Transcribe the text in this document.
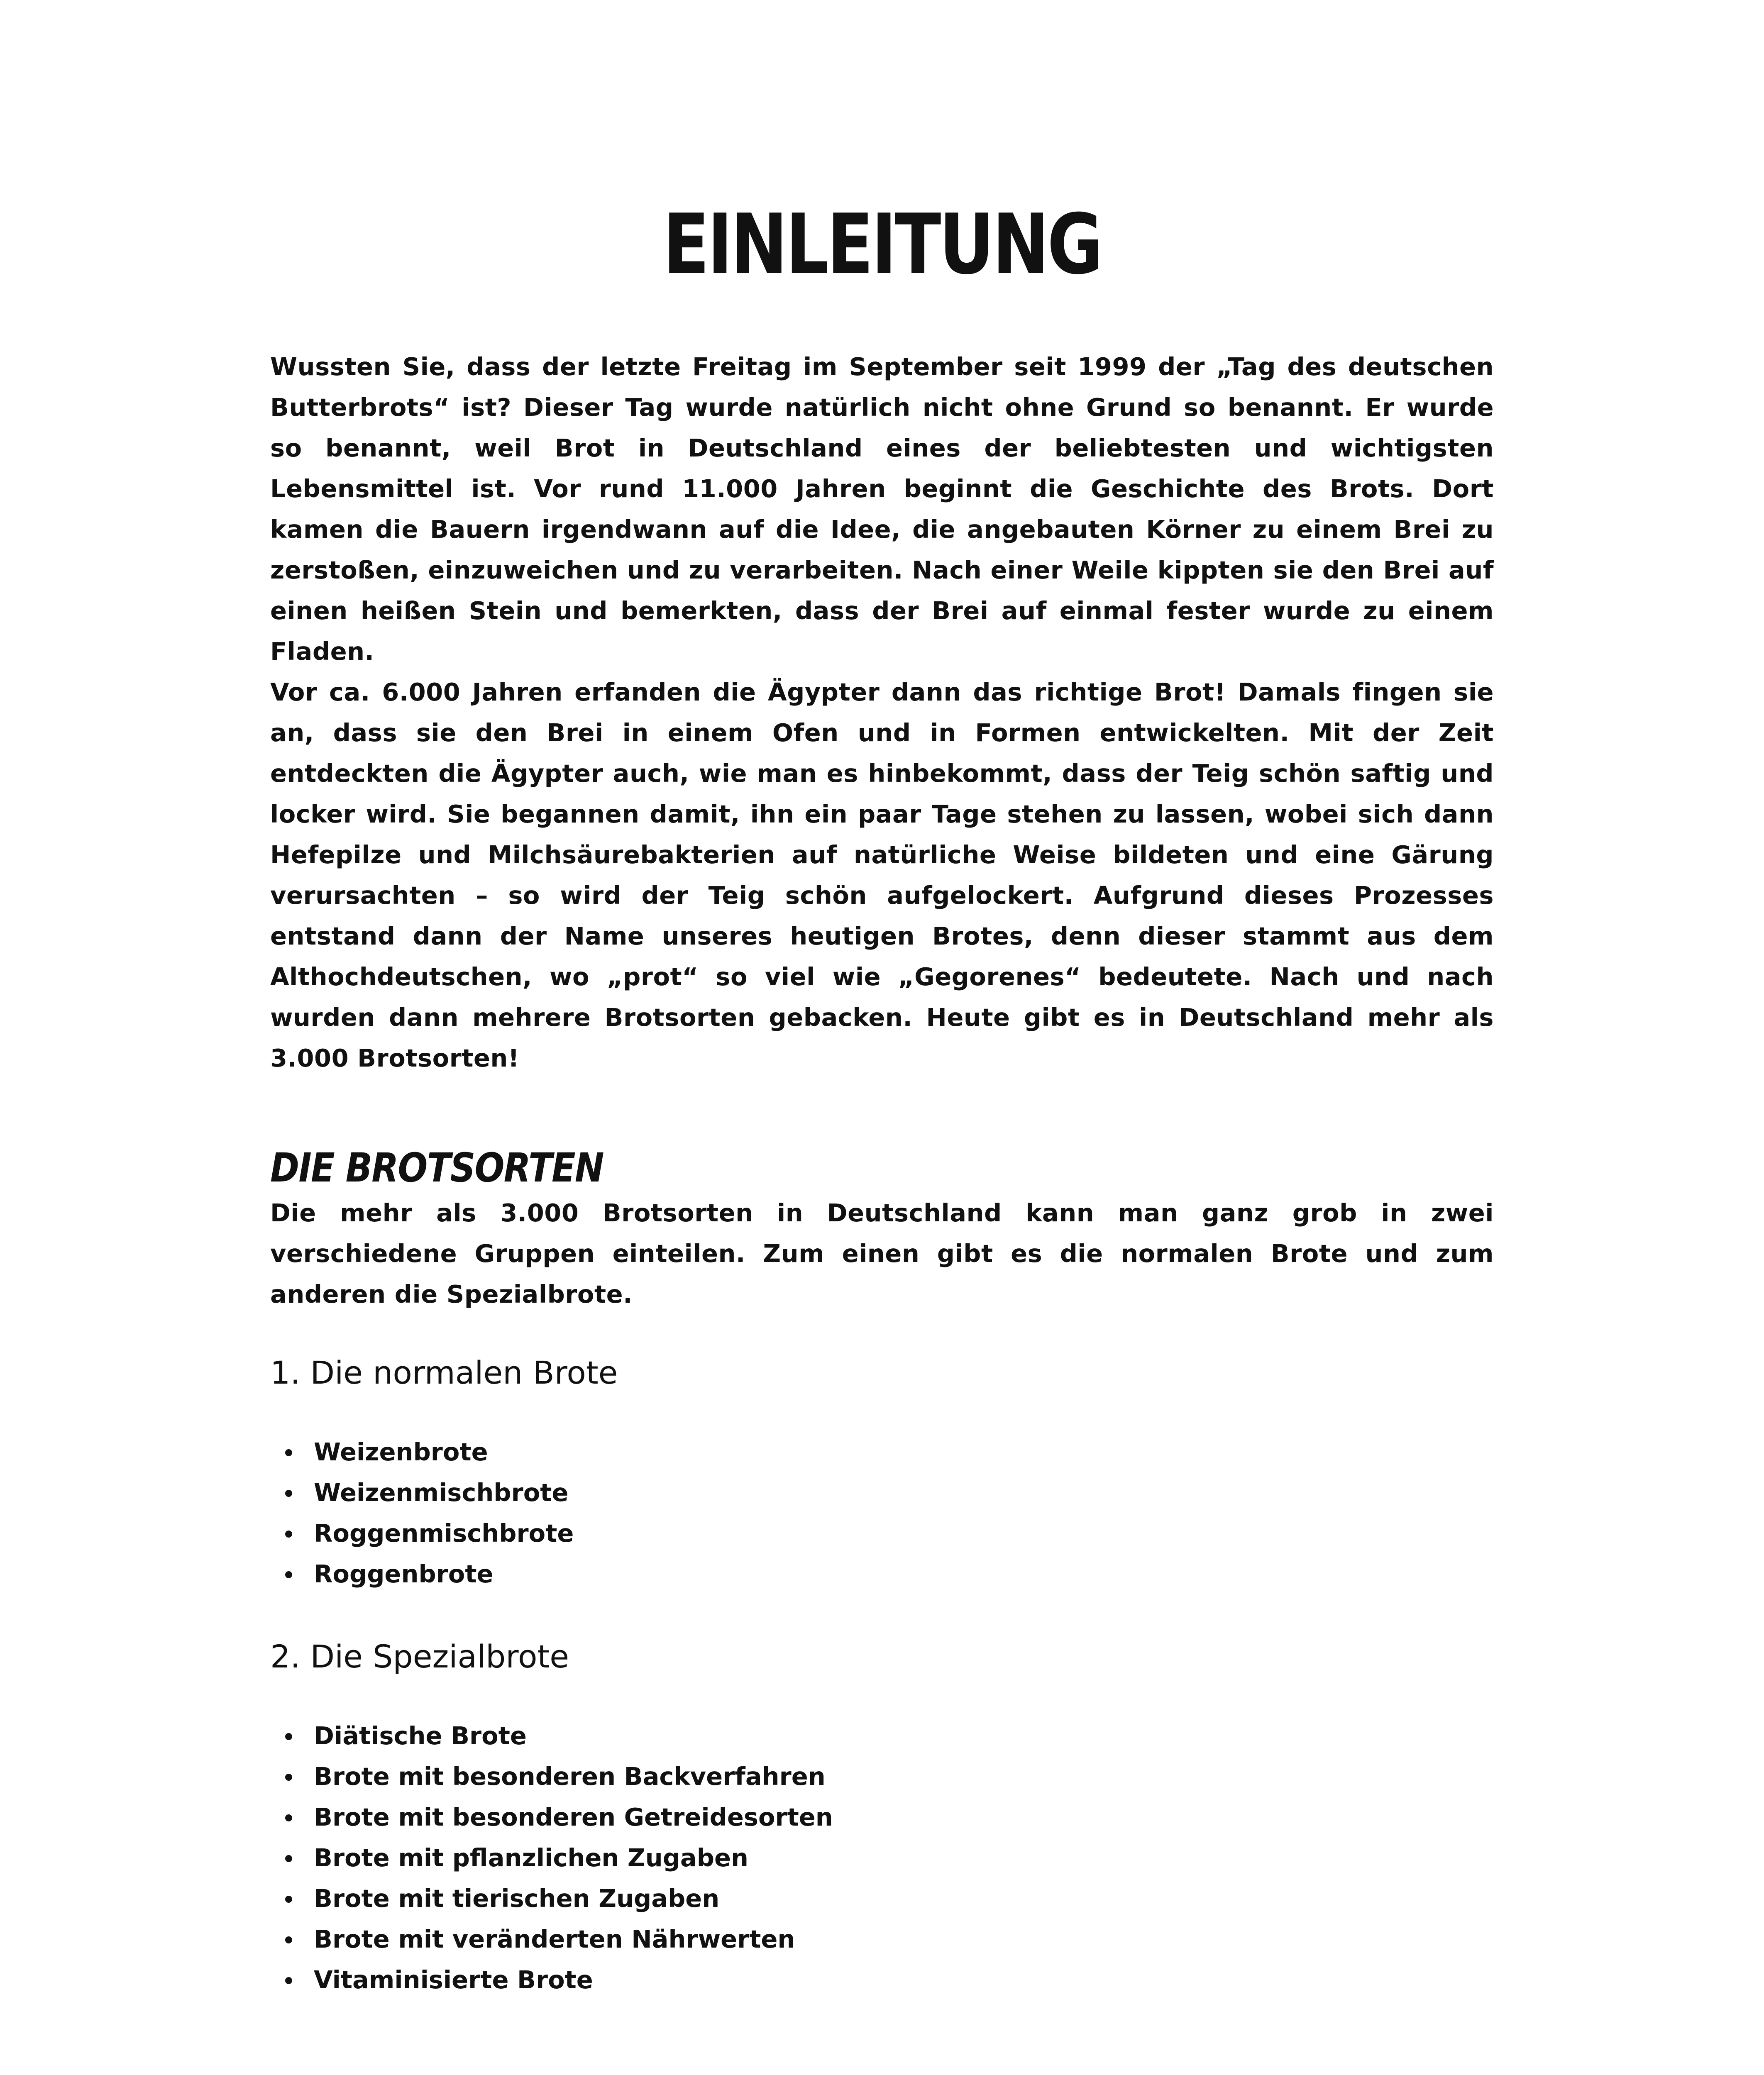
EINLEITUNG

Wussten Sie, dass der letzte Freitag im September seit 1999 der „Tag des deutschen Butterbrots“ ist? Dieser Tag wurde natürlich nicht ohne Grund so benannt. Er wurde so benannt, weil Brot in Deutschland eines der beliebtesten und wichtigsten Lebensmittel ist. Vor rund 11.000 Jahren beginnt die Geschichte des Brots. Dort kamen die Bauern irgendwann auf die Idee, die angebauten Körner zu einem Brei zu zerstoßen, einzuweichen und zu verarbeiten. Nach einer Weile kippten sie den Brei auf einen heißen Stein und bemerkten, dass der Brei auf einmal fester wurde zu einem Fladen.

Vor ca. 6.000 Jahren erfanden die Ägypter dann das richtige Brot! Damals fingen sie an, dass sie den Brei in einem Ofen und in Formen entwickelten. Mit der Zeit entdeckten die Ägypter auch, wie man es hinbekommt, dass der Teig schön saftig und locker wird. Sie begannen damit, ihn ein paar Tage stehen zu lassen, wobei sich dann Hefepilze und Milchsäurebakterien auf natürliche Weise bildeten und eine Gärung verursachten – so wird der Teig schön aufgelockert. Aufgrund dieses Prozesses entstand dann der Name unseres heutigen Brotes, denn dieser stammt aus dem Althochdeutschen, wo „prot“ so viel wie „Gegorenes“ bedeutete. Nach und nach wurden dann mehrere Brotsorten gebacken. Heute gibt es in Deutschland mehr als 3.000 Brotsorten!

DIE BROTSORTEN

Die mehr als 3.000 Brotsorten in Deutschland kann man ganz grob in zwei verschiedene Gruppen einteilen. Zum einen gibt es die normalen Brote und zum anderen die Spezialbrote.

1. Die normalen Brote
Weizenbrote
Weizenmischbrote
Roggenmischbrote
Roggenbrote
2. Die Spezialbrote
Diätische Brote
Brote mit besonderen Backverfahren
Brote mit besonderen Getreidesorten
Brote mit pflanzlichen Zugaben
Brote mit tierischen Zugaben
Brote mit veränderten Nährwerten
Vitaminisierte Brote
